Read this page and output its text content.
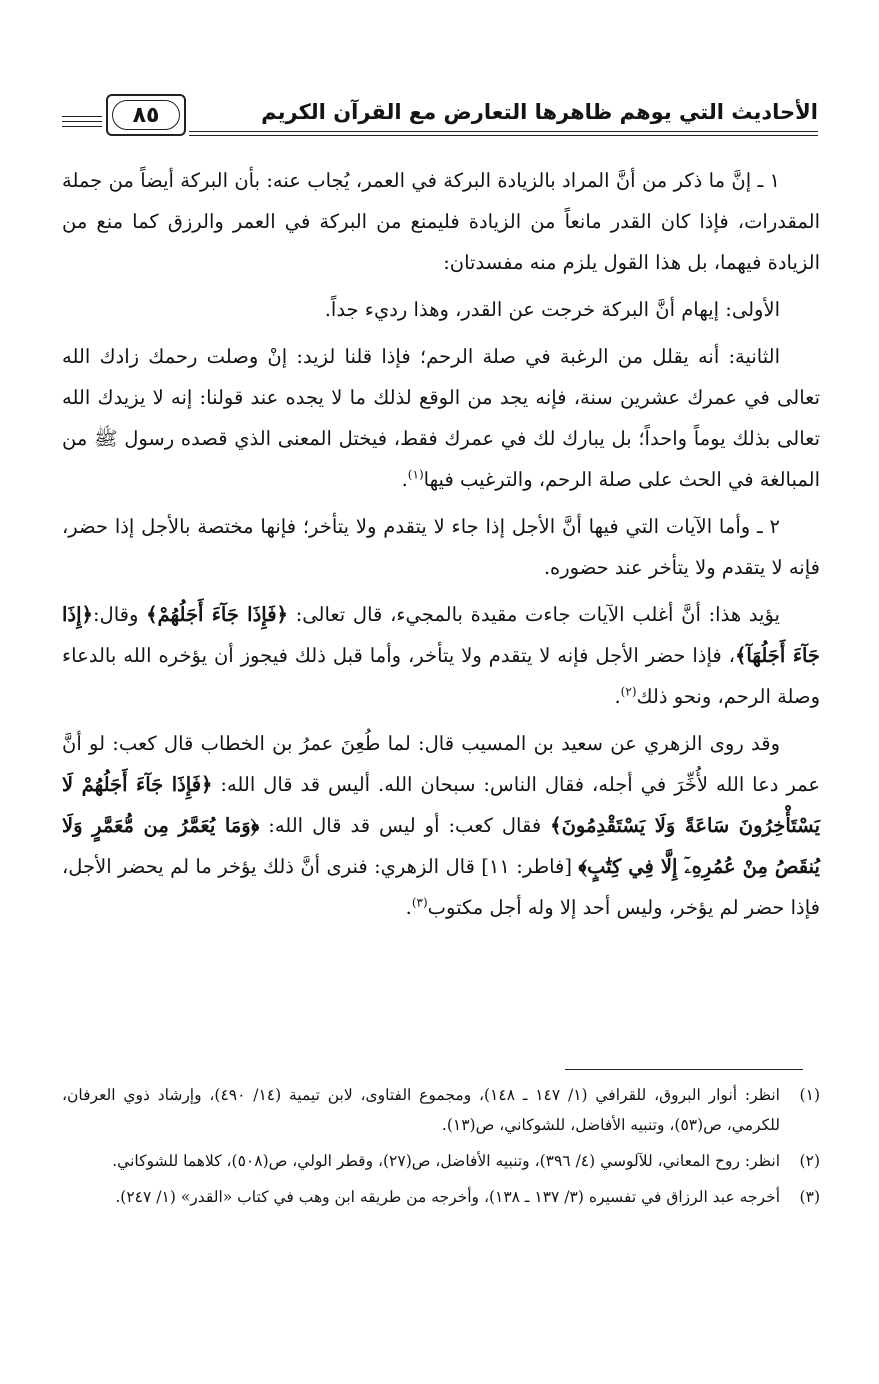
الأحاديث التي يوهم ظاهرها التعارض مع القرآن الكريم
٨٥

١ ـ إنَّ ما ذكر من أنَّ المراد بالزيادة البركة في العمر، يُجاب عنه: بأن البركة أيضاً من جملة المقدرات، فإذا كان القدر مانعاً من الزيادة فليمنع من البركة في العمر والرزق كما منع من الزيادة فيهما، بل هذا القول يلزم منه مفسدتان:

الأولى: إيهام أنَّ البركة خرجت عن القدر، وهذا رديء جداً.

الثانية: أنه يقلل من الرغبة في صلة الرحم؛ فإذا قلنا لزيد: إنْ وصلت رحمك زادك الله تعالى في عمرك عشرين سنة، فإنه يجد من الوقع لذلك ما لا يجده عند قولنا: إنه لا يزيدك الله تعالى بذلك يوماً واحداً؛ بل يبارك لك في عمرك فقط، فيختل المعنى الذي قصده رسول ﷺ من المبالغة في الحث على صلة الرحم، والترغيب فيها$^{(١)}$.

٢ ـ وأما الآيات التي فيها أنَّ الأجل إذا جاء لا يتقدم ولا يتأخر؛ فإنها مختصة بالأجل إذا حضر، فإنه لا يتقدم ولا يتأخر عند حضوره.

يؤيد هذا: أنَّ أغلب الآيات جاءت مقيدة بالمجيء، قال تعالى: ﴿فَإِذَا جَآءَ أَجَلُهُمْ﴾ وقال:﴿إِذَا جَآءَ أَجَلُهَآ﴾، فإذا حضر الأجل فإنه لا يتقدم ولا يتأخر، وأما قبل ذلك فيجوز أن يؤخره الله بالدعاء وصلة الرحم، ونحو ذلك$^{(٢)}$.

وقد روى الزهري عن سعيد بن المسيب قال: لما طُعِنَ عمرُ بن الخطاب قال كعب: لو أنَّ عمر دعا الله لأُخِّرَ في أجله، فقال الناس: سبحان الله. أليس قد قال الله: ﴿فَإِذَا جَآءَ أَجَلُهُمْ لَا يَسْتَأْخِرُونَ سَاعَةً وَلَا يَسْتَقْدِمُونَ﴾ فقال كعب: أو ليس قد قال الله: ﴿وَمَا يُعَمَّرُ مِن مُّعَمَّرٍ وَلَا يُنقَصُ مِنْ عُمُرِهِۦٓ إِلَّا فِي كِتَٰبٍ﴾ [فاطر: ١١] قال الزهري: فنرى أنَّ ذلك يؤخر ما لم يحضر الأجل، فإذا حضر لم يؤخر، وليس أحد إلا وله أجل مكتوب$^{(٣)}$.

(١)
انظر: أنوار البروق، للقرافي (١/ ١٤٧ ـ ١٤٨)، ومجموع الفتاوى، لابن تيمية (١٤/ ٤٩٠)، وإرشاد ذوي العرفان، للكرمي، ص(٥٣)، وتنبيه الأفاضل، للشوكاني، ص(١٣).
(٢)
انظر: روح المعاني، للآلوسي (٤/ ٣٩٦)، وتنبيه الأفاضل، ص(٢٧)، وقطر الولي، ص(٥٠٨)، كلاهما للشوكاني.
(٣)
أخرجه عبد الرزاق في تفسيره (٣/ ١٣٧ ـ ١٣٨)، وأخرجه من طريقه ابن وهب في كتاب «القدر» (١/ ٢٤٧).
